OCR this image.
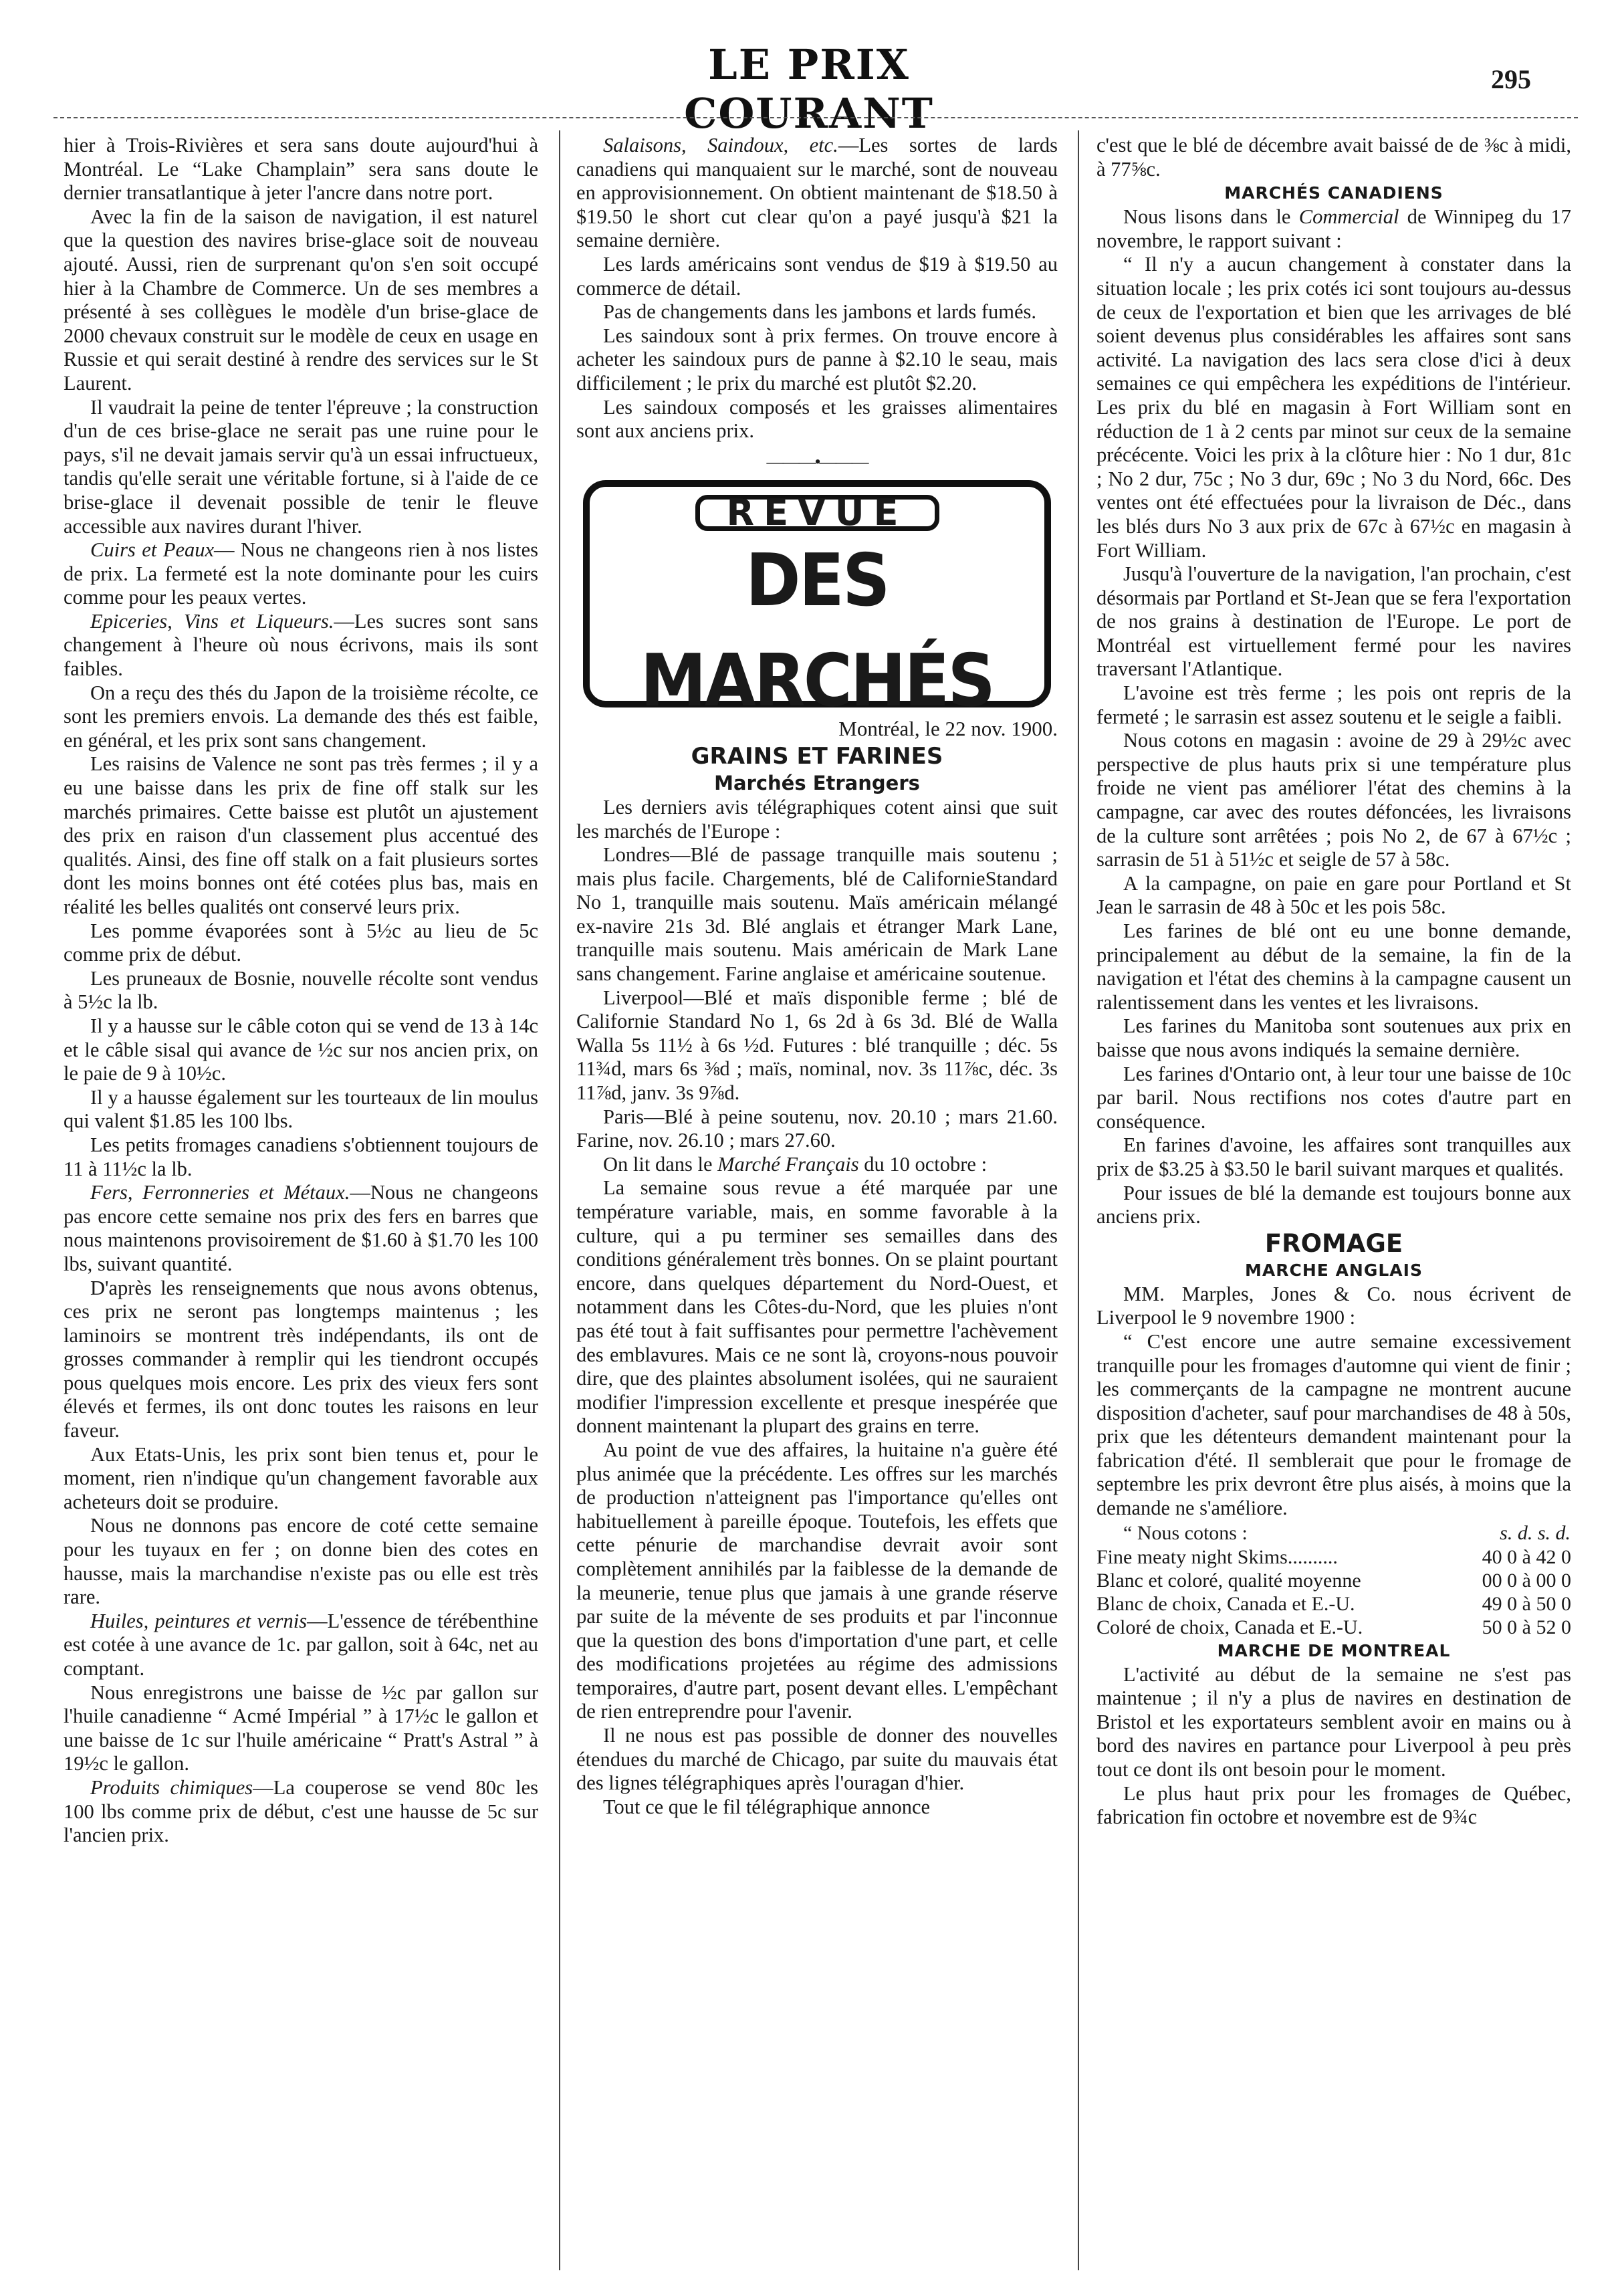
LE PRIX COURANT
295

hier à Trois-Rivières et sera sans doute aujourd'hui à Montréal. Le “Lake Champlain” sera sans doute le dernier transatlantique à jeter l'ancre dans notre port.

Avec la fin de la saison de navigation, il est naturel que la question des navires brise-glace soit de nouveau ajouté. Aussi, rien de surprenant qu'on s'en soit occupé hier à la Chambre de Commerce. Un de ses membres a présenté à ses collègues le modèle d'un brise-glace de 2000 chevaux construit sur le modèle de ceux en usage en Russie et qui serait destiné à rendre des services sur le St Laurent.

Il vaudrait la peine de tenter l'épreuve ; la construction d'un de ces brise-glace ne serait pas une ruine pour le pays, s'il ne devait jamais servir qu'à un essai infructueux, tandis qu'elle serait une véritable fortune, si à l'aide de ce brise-glace il devenait possible de tenir le fleuve accessible aux navires durant l'hiver.

Cuirs et Peaux— Nous ne changeons rien à nos listes de prix. La fermeté est la note dominante pour les cuirs comme pour les peaux vertes.

Epiceries, Vins et Liqueurs.—Les sucres sont sans changement à l'heure où nous écrivons, mais ils sont faibles.

On a reçu des thés du Japon de la troisième récolte, ce sont les premiers envois. La demande des thés est faible, en général, et les prix sont sans changement.

Les raisins de Valence ne sont pas très fermes ; il y a eu une baisse dans les prix de fine off stalk sur les marchés primaires. Cette baisse est plutôt un ajustement des prix en raison d'un classement plus accentué des qualités. Ainsi, des fine off stalk on a fait plusieurs sortes dont les moins bonnes ont été cotées plus bas, mais en réalité les belles qualités ont conservé leurs prix.

Les pomme évaporées sont à 5½c au lieu de 5c comme prix de début.

Les pruneaux de Bosnie, nouvelle récolte sont vendus à 5½c la lb.

Il y a hausse sur le câble coton qui se vend de 13 à 14c et le câble sisal qui avance de ½c sur nos ancien prix, on le paie de 9 à 10½c.

Il y a hausse également sur les tourteaux de lin moulus qui valent $1.85 les 100 lbs.

Les petits fromages canadiens s'obtiennent toujours de 11 à 11½c la lb.

Fers, Ferronneries et Métaux.—Nous ne changeons pas encore cette semaine nos prix des fers en barres que nous maintenons provisoirement de $1.60 à $1.70 les 100 lbs, suivant quantité.

D'après les renseignements que nous avons obtenus, ces prix ne seront pas longtemps maintenus ; les laminoirs se montrent très indépendants, ils ont de grosses commander à remplir qui les tiendront occupés pous quelques mois encore. Les prix des vieux fers sont élevés et fermes, ils ont donc toutes les raisons en leur faveur.

Aux Etats-Unis, les prix sont bien tenus et, pour le moment, rien n'indique qu'un changement favorable aux acheteurs doit se produire.

Nous ne donnons pas encore de coté cette semaine pour les tuyaux en fer ; on donne bien des cotes en hausse, mais la marchandise n'existe pas ou elle est très rare.

Huiles, peintures et vernis—L'essence de térébenthine est cotée à une avance de 1c. par gallon, soit à 64c, net au comptant.

Nous enregistrons une baisse de ½c par gallon sur l'huile canadienne “ Acmé Impérial ” à 17½c le gallon et une baisse de 1c sur l'huile américaine “ Pratt's Astral ” à 19½c le gallon.

Produits chimiques—La couperose se vend 80c les 100 lbs comme prix de début, c'est une hausse de 5c sur l'ancien prix.

Salaisons, Saindoux, etc.—Les sortes de lards canadiens qui manquaient sur le marché, sont de nouveau en approvisionnement. On obtient maintenant de $18.50 à $19.50 le short cut clear qu'on a payé jusqu'à $21 la semaine dernière.

Les lards américains sont vendus de $19 à $19.50 au commerce de détail.

Pas de changements dans les jambons et lards fumés.

Les saindoux sont à prix fermes. On trouve encore à acheter les saindoux purs de panne à $2.10 le seau, mais difficilement ; le prix du marché est plutôt $2.20.

Les saindoux composés et les graisses alimentaires sont aux anciens prix.

———•———
REVUE
DES MARCHÉS

Montréal, le 22 nov. 1900.

GRAINS ET FARINES
Marchés Etrangers

Les derniers avis télégraphiques cotent ainsi que suit les marchés de l'Europe :

Londres—Blé de passage tranquille mais soutenu ; mais plus facile. Chargements, blé de CalifornieStandard No 1, tranquille mais soutenu. Maïs américain mélangé ex-navire 21s 3d. Blé anglais et étranger Mark Lane, tranquille mais soutenu. Mais américain de Mark Lane sans changement. Farine anglaise et américaine soutenue.

Liverpool—Blé et maïs disponible ferme ; blé de Californie Standard No 1, 6s 2d à 6s 3d. Blé de Walla Walla 5s 11½ à 6s ½d. Futures : blé tranquille ; déc. 5s 11¾d, mars 6s ⅜d ; maïs, nominal, nov. 3s 11⅞c, déc. 3s 11⅞d, janv. 3s 9⅞d.

Paris—Blé à peine soutenu, nov. 20.10 ; mars 21.60. Farine, nov. 26.10 ; mars 27.60.

On lit dans le Marché Français du 10 octobre :

La semaine sous revue a été marquée par une température variable, mais, en somme favorable à la culture, qui a pu terminer ses semailles dans des conditions généralement très bonnes. On se plaint pourtant encore, dans quelques département du Nord-Ouest, et notamment dans les Côtes-du-Nord, que les pluies n'ont pas été tout à fait suffisantes pour permettre l'achèvement des emblavures. Mais ce ne sont là, croyons-nous pouvoir dire, que des plaintes absolument isolées, qui ne sauraient modifier l'impression excellente et presque inespérée que donnent maintenant la plupart des grains en terre.

Au point de vue des affaires, la huitaine n'a guère été plus animée que la précédente. Les offres sur les marchés de production n'atteignent pas l'importance qu'elles ont habituellement à pareille époque. Toutefois, les effets que cette pénurie de marchandise devrait avoir sont complètement annihilés par la faiblesse de la demande de la meunerie, tenue plus que jamais à une grande réserve par suite de la mévente de ses produits et par l'inconnue que la question des bons d'importation d'une part, et celle des modifications projetées au régime des admissions temporaires, d'autre part, posent devant elles. L'empêchant de rien entreprendre pour l'avenir.

Il ne nous est pas possible de donner des nouvelles étendues du marché de Chicago, par suite du mauvais état des lignes télégraphiques après l'ouragan d'hier.

Tout ce que le fil télégraphique annonce

c'est que le blé de décembre avait baissé de de ⅜c à midi, à 77⅝c.

MARCHÉS CANADIENS

Nous lisons dans le Commercial de Winnipeg du 17 novembre, le rapport suivant :

“ Il n'y a aucun changement à constater dans la situation locale ; les prix cotés ici sont toujours au-dessus de ceux de l'exportation et bien que les arrivages de blé soient devenus plus considérables les affaires sont sans activité. La navigation des lacs sera close d'ici à deux semaines ce qui empêchera les expéditions de l'intérieur. Les prix du blé en magasin à Fort William sont en réduction de 1 à 2 cents par minot sur ceux de la semaine précécente. Voici les prix à la clôture hier : No 1 dur, 81c ; No 2 dur, 75c ; No 3 dur, 69c ; No 3 du Nord, 66c. Des ventes ont été effectuées pour la livraison de Déc., dans les blés durs No 3 aux prix de 67c à 67½c en magasin à Fort William.

Jusqu'à l'ouverture de la navigation, l'an prochain, c'est désormais par Portland et St-Jean que se fera l'exportation de nos grains à destination de l'Europe. Le port de Montréal est virtuellement fermé pour les navires traversant l'Atlantique.

L'avoine est très ferme ; les pois ont repris de la fermeté ; le sarrasin est assez soutenu et le seigle a faibli.

Nous cotons en magasin : avoine de 29 à 29½c avec perspective de plus hauts prix si une température plus froide ne vient pas améliorer l'état des chemins à la campagne, car avec des routes défoncées, les livraisons de la culture sont arrêtées ; pois No 2, de 67 à 67½c ; sarrasin de 51 à 51½c et seigle de 57 à 58c.

A la campagne, on paie en gare pour Portland et St Jean le sarrasin de 48 à 50c et les pois 58c.

Les farines de blé ont eu une bonne demande, principalement au début de la semaine, la fin de la navigation et l'état des chemins à la campagne causent un ralentissement dans les ventes et les livraisons.

Les farines du Manitoba sont soutenues aux prix en baisse que nous avons indiqués la semaine dernière.

Les farines d'Ontario ont, à leur tour une baisse de 10c par baril. Nous rectifions nos cotes d'autre part en conséquence.

En farines d'avoine, les affaires sont tranquilles aux prix de $3.25 à $3.50 le baril suivant marques et qualités.

Pour issues de blé la demande est toujours bonne aux anciens prix.

FROMAGE
MARCHE ANGLAIS

MM. Marples, Jones & Co. nous écrivent de Liverpool le 9 novembre 1900 :

“ C'est encore une autre semaine excessivement tranquille pour les fromages d'automne qui vient de finir ; les commerçants de la campagne ne montrent aucune disposition d'acheter, sauf pour marchandises de 48 à 50s, prix que les détenteurs demandent maintenant pour la fabrication d'été. Il semblerait que pour le fromage de septembre les prix devront être plus aisés, à moins que la demande ne s'améliore.

“ Nous cotons :	s. d. s. d.
Fine meaty night Skims..........	40 0 à 42 0
Blanc et coloré, qualité moyenne	00 0 à 00 0
Blanc de choix, Canada et E.-U.	49 0 à 50 0
Coloré de choix, Canada et E.-U.	50 0 à 52 0
MARCHE DE MONTREAL

L'activité au début de la semaine ne s'est pas maintenue ; il n'y a plus de navires en destination de Bristol et les exportateurs semblent avoir en mains ou à bord des navires en partance pour Liverpool à peu près tout ce dont ils ont besoin pour le moment.

Le plus haut prix pour les fromages de Québec, fabrication fin octobre et novembre est de 9¾c
